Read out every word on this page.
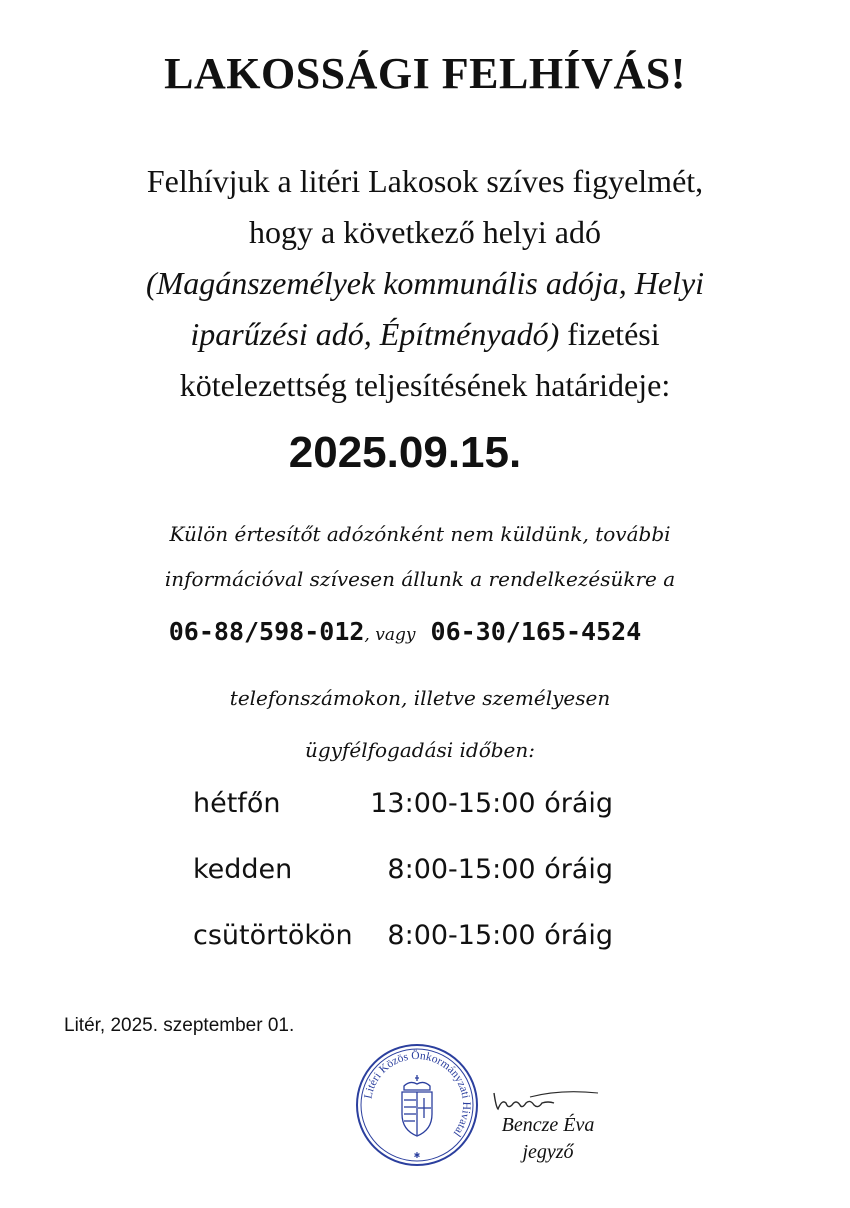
LAKOSSÁGI FELHÍVÁS!
Felhívjuk a litéri Lakosok szíves figyelmét,
hogy a következő helyi adó
(Magánszemélyek kommunális adója, Helyi
iparűzési adó, Építményadó) fizetési
kötelezettség teljesítésének határideje:
2025.09.15.
Külön értesítőt adózónként nem küldünk, további
információval szívesen állunk a rendelkezésükre a
06-88/598-012, vagy 06-30/165-4524
telefonszámokon, illetve személyesen
ügyfélfogadási időben:
hétfőn	13:00-15:00 óráig
kedden	8:00-15:00 óráig
csütörtökön 8:00-15:00 óráig
Litér, 2025. szeptember 01.
Litéri Közös Önkormányzati Hivatal
✱
Bencze Éva
jegyző
